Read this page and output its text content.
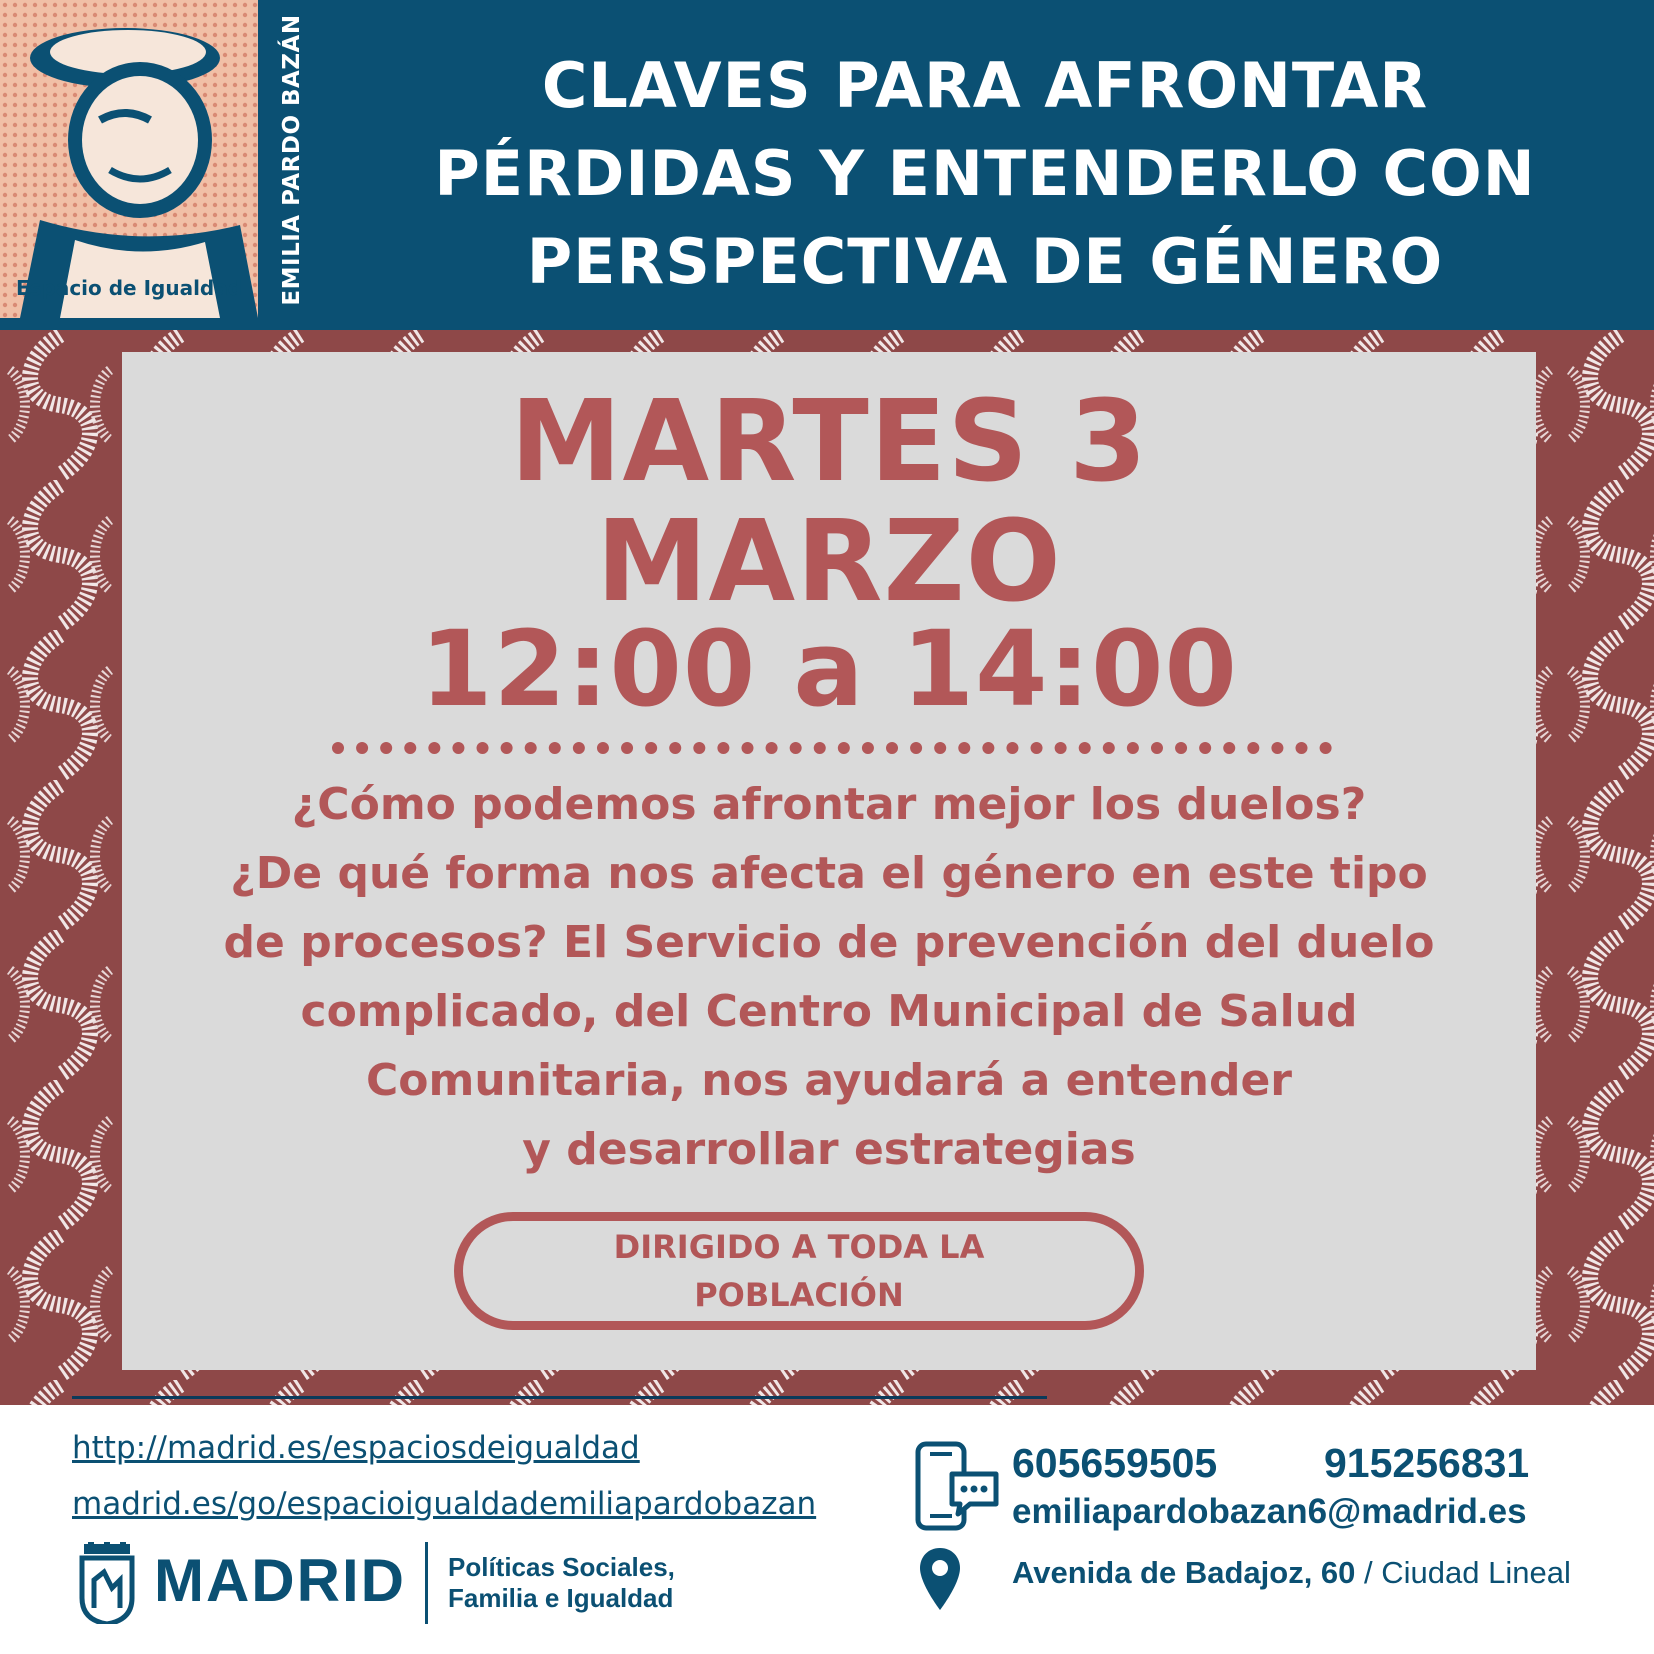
Espacio de Igualdad	EMILIA PARDO BAZÁN	CLAVES PARA AFRONTAR
PÉRDIDAS Y ENTENDERLO CON
PERSPECTIVA DE GÉNERO
MARTES 3
MARZO
12:00 a 14:00
¿Cómo podemos afrontar mejor los duelos?
¿De qué forma nos afecta el género en este tipo
de procesos? El Servicio de prevención del duelo
complicado, del Centro Municipal de Salud
Comunitaria, nos ayudará a entender
y desarrollar estrategias
DIRIGIDO A TODA LA POBLACIÓN
http://madrid.es/espaciosdeigualdad
madrid.es/go/espacioigualdademiliapardobazan
MADRID Políticas Sociales,
Familia e Igualdad
605659505	915256831
emiliapardobazan6@madrid.es
Avenida de Badajoz, 60 / Ciudad Lineal
